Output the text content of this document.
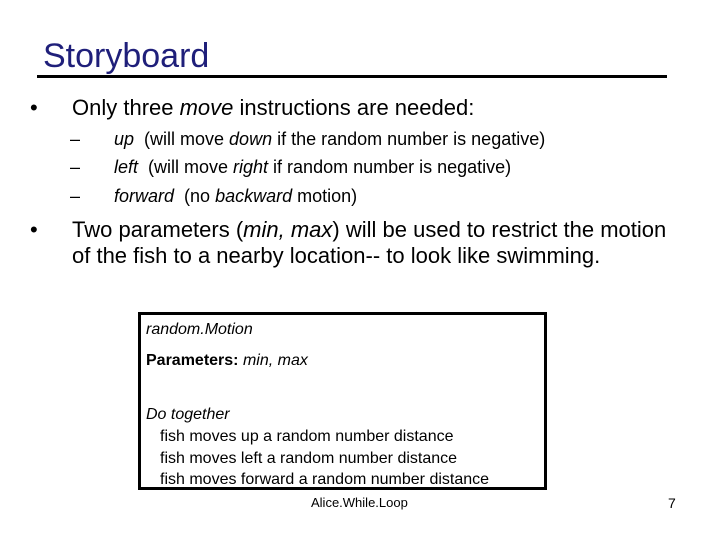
Storyboard
• Only three move instructions are needed:
– up  (will move down if the random number is negative)
– left  (will move right if random number is negative)
– forward  (no backward motion)
• Two parameters (min, max) will be used to restrict the motion of the fish to a nearby location-- to look like swimming.
random.Motion
Parameters: min, max
Do together
fish moves up a random number distance
fish moves left a random number distance
fish moves forward a random number distance
Alice.While.Loop	7
